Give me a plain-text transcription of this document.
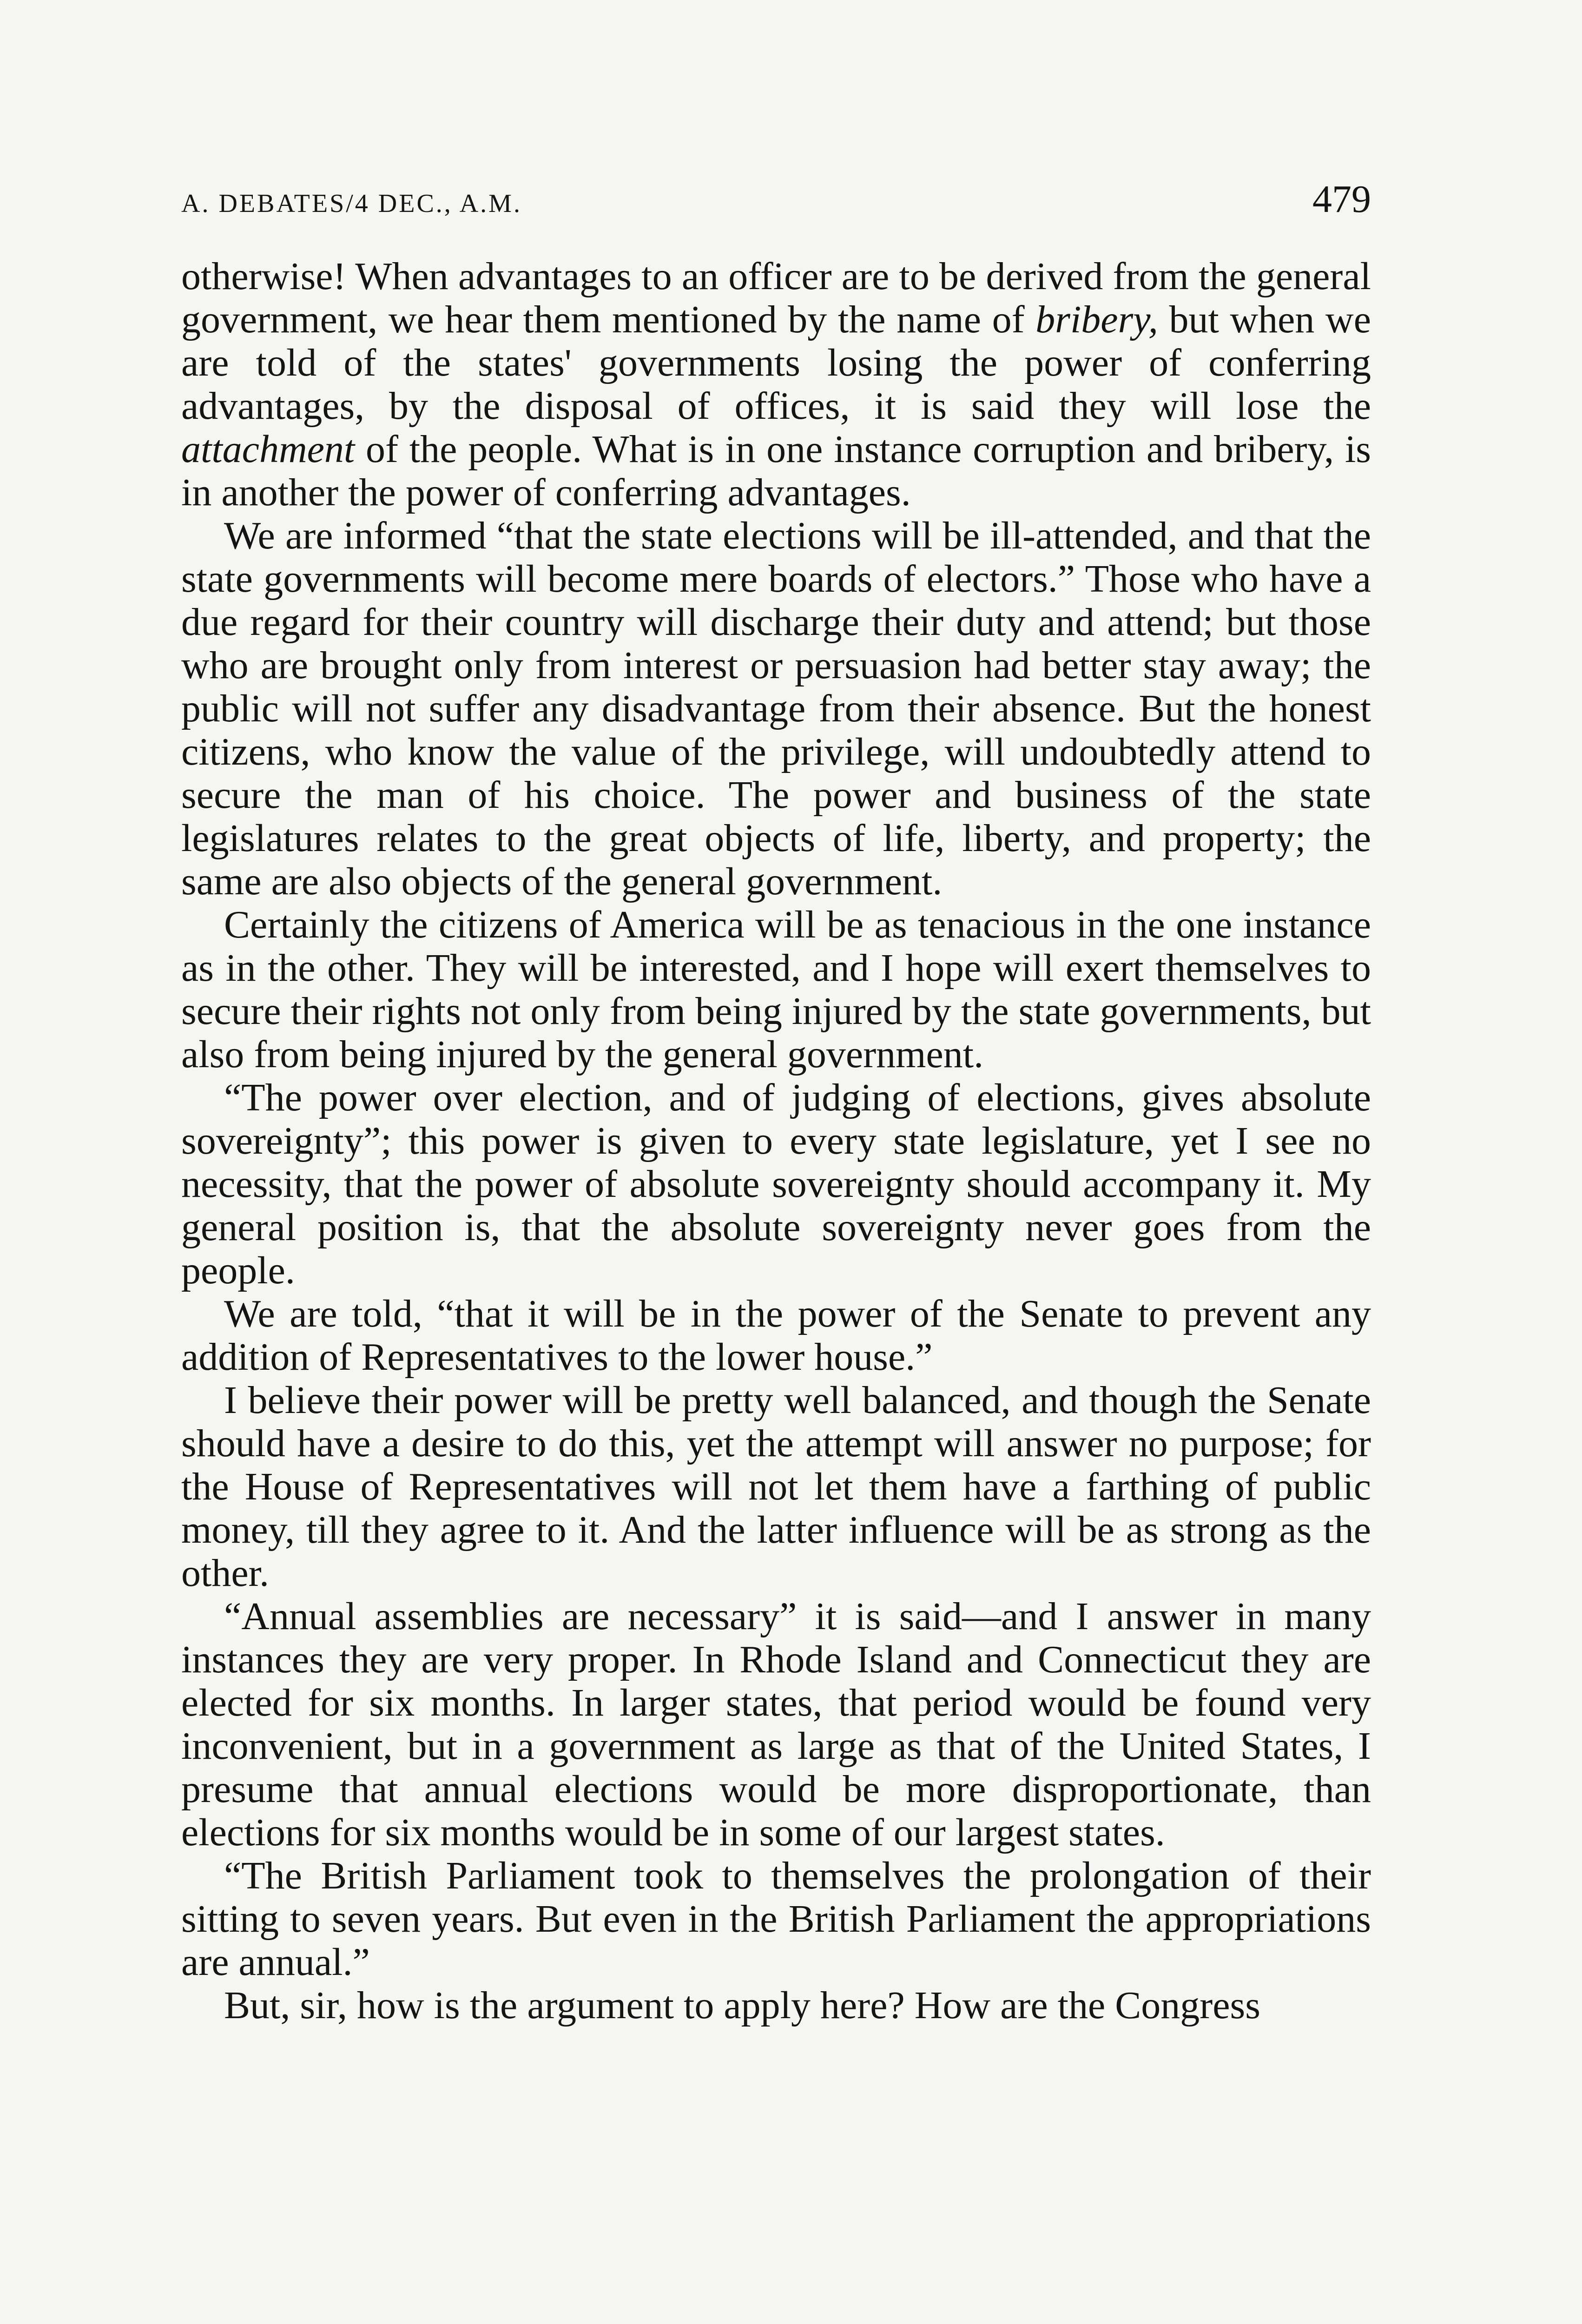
A. DEBATES/4 DEC., A.M.	479

otherwise! When advantages to an officer are to be derived from the general government, we hear them mentioned by the name of bribery, but when we are told of the states' governments losing the power of conferring advantages, by the disposal of offices, it is said they will lose the attachment of the people. What is in one instance corruption and bribery, is in another the power of conferring advantages.

We are informed “that the state elections will be ill-attended, and that the state governments will become mere boards of electors.” Those who have a due regard for their country will discharge their duty and attend; but those who are brought only from interest or persuasion had better stay away; the public will not suffer any disadvantage from their absence. But the honest citizens, who know the value of the privilege, will undoubtedly attend to secure the man of his choice. The power and business of the state legislatures relates to the great objects of life, liberty, and property; the same are also objects of the general government.

Certainly the citizens of America will be as tenacious in the one instance as in the other. They will be interested, and I hope will exert themselves to secure their rights not only from being injured by the state governments, but also from being injured by the general government.

“The power over election, and of judging of elections, gives absolute sovereignty”; this power is given to every state legislature, yet I see no necessity, that the power of absolute sovereignty should accompany it. My general position is, that the absolute sovereignty never goes from the people.

We are told, “that it will be in the power of the Senate to prevent any addition of Representatives to the lower house.”

I believe their power will be pretty well balanced, and though the Senate should have a desire to do this, yet the attempt will answer no purpose; for the House of Representatives will not let them have a farthing of public money, till they agree to it. And the latter influence will be as strong as the other.

“Annual assemblies are necessary” it is said—and I answer in many instances they are very proper. In Rhode Island and Connecticut they are elected for six months. In larger states, that period would be found very inconvenient, but in a government as large as that of the United States, I presume that annual elections would be more disproportionate, than elections for six months would be in some of our largest states.

“The British Parliament took to themselves the prolongation of their sitting to seven years. But even in the British Parliament the appropriations are annual.”

But, sir, how is the argument to apply here? How are the Congress
